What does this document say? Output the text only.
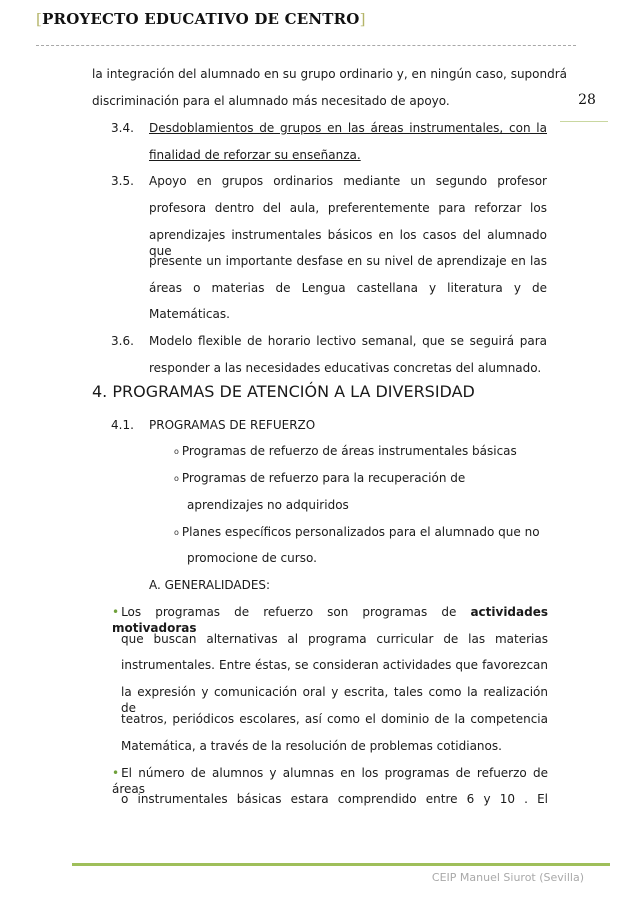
[PROYECTO EDUCATIVO DE CENTRO]
28
la integración del alumnado en su grupo ordinario y, en ningún caso, supondrá
discriminación para el alumnado más necesitado de apoyo.
3.4. Desdoblamientos de grupos en las áreas instrumentales, con la
finalidad de reforzar su enseñanza.
3.5. Apoyo en grupos ordinarios mediante un segundo profesor
profesora dentro del aula, preferentemente para reforzar los
aprendizajes instrumentales básicos en los casos del alumnado que
presente un importante desfase en su nivel de aprendizaje en las
áreas o materias de Lengua castellana y literatura y de
Matemáticas.
3.6. Modelo flexible de horario lectivo semanal, que se seguirá para
responder a las necesidades educativas concretas del alumnado.
4. PROGRAMAS DE ATENCIÓN A LA DIVERSIDAD
4.1. PROGRAMAS DE REFUERZO
o Programas de refuerzo de áreas instrumentales básicas
o Programas de refuerzo para la recuperación de
aprendizajes no adquiridos
o Planes específicos personalizados para el alumnado que no
promocione de curso.
A. GENERALIDADES:
• Los programas de refuerzo son programas de actividades motivadoras
que buscan alternativas al programa curricular de las materias
instrumentales. Entre éstas, se consideran actividades que favorezcan
la expresión y comunicación oral y escrita, tales como la realización de
teatros, periódicos escolares, así como el dominio de la competencia
Matemática, a través de la resolución de problemas cotidianos.
• El número de alumnos y alumnas en los programas de refuerzo de áreas
o instrumentales básicas estara comprendido entre 6 y 10 . El
CEIP Manuel Siurot (Sevilla)
